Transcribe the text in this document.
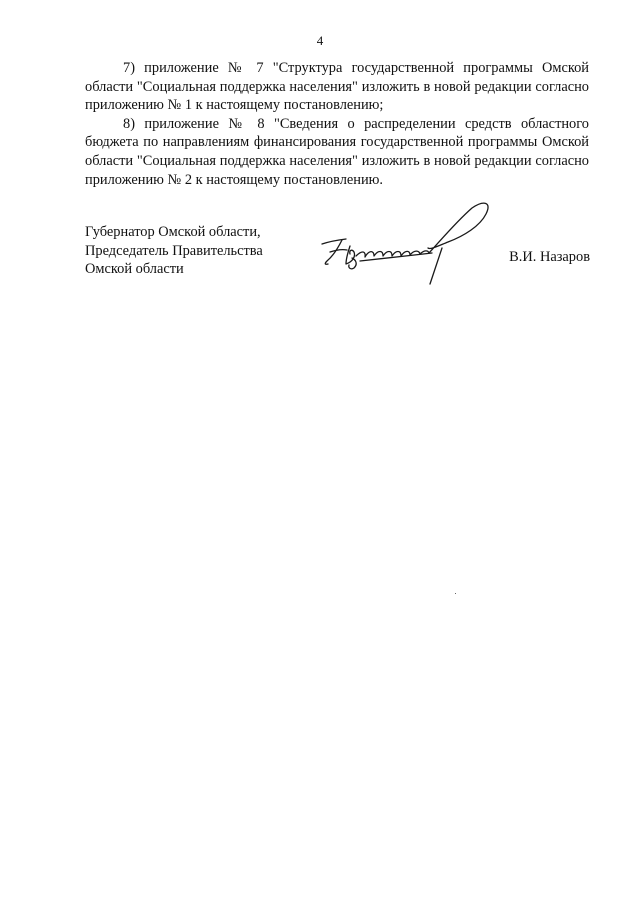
4

7) приложение № 7 "Структура государственной программы Омской области "Социальная поддержка населения" изложить в новой редакции согласно приложению № 1 к настоящему постановлению;

8) приложение № 8 "Сведения о распределении средств областного бюджета по направлениям финансирования государственной программы Омской области "Социальная поддержка населения" изложить в новой редакции согласно приложению № 2 к настоящему постановлению.

Губернатор Омской области,
Председатель Правительства
Омской области
В.И. Назаров
